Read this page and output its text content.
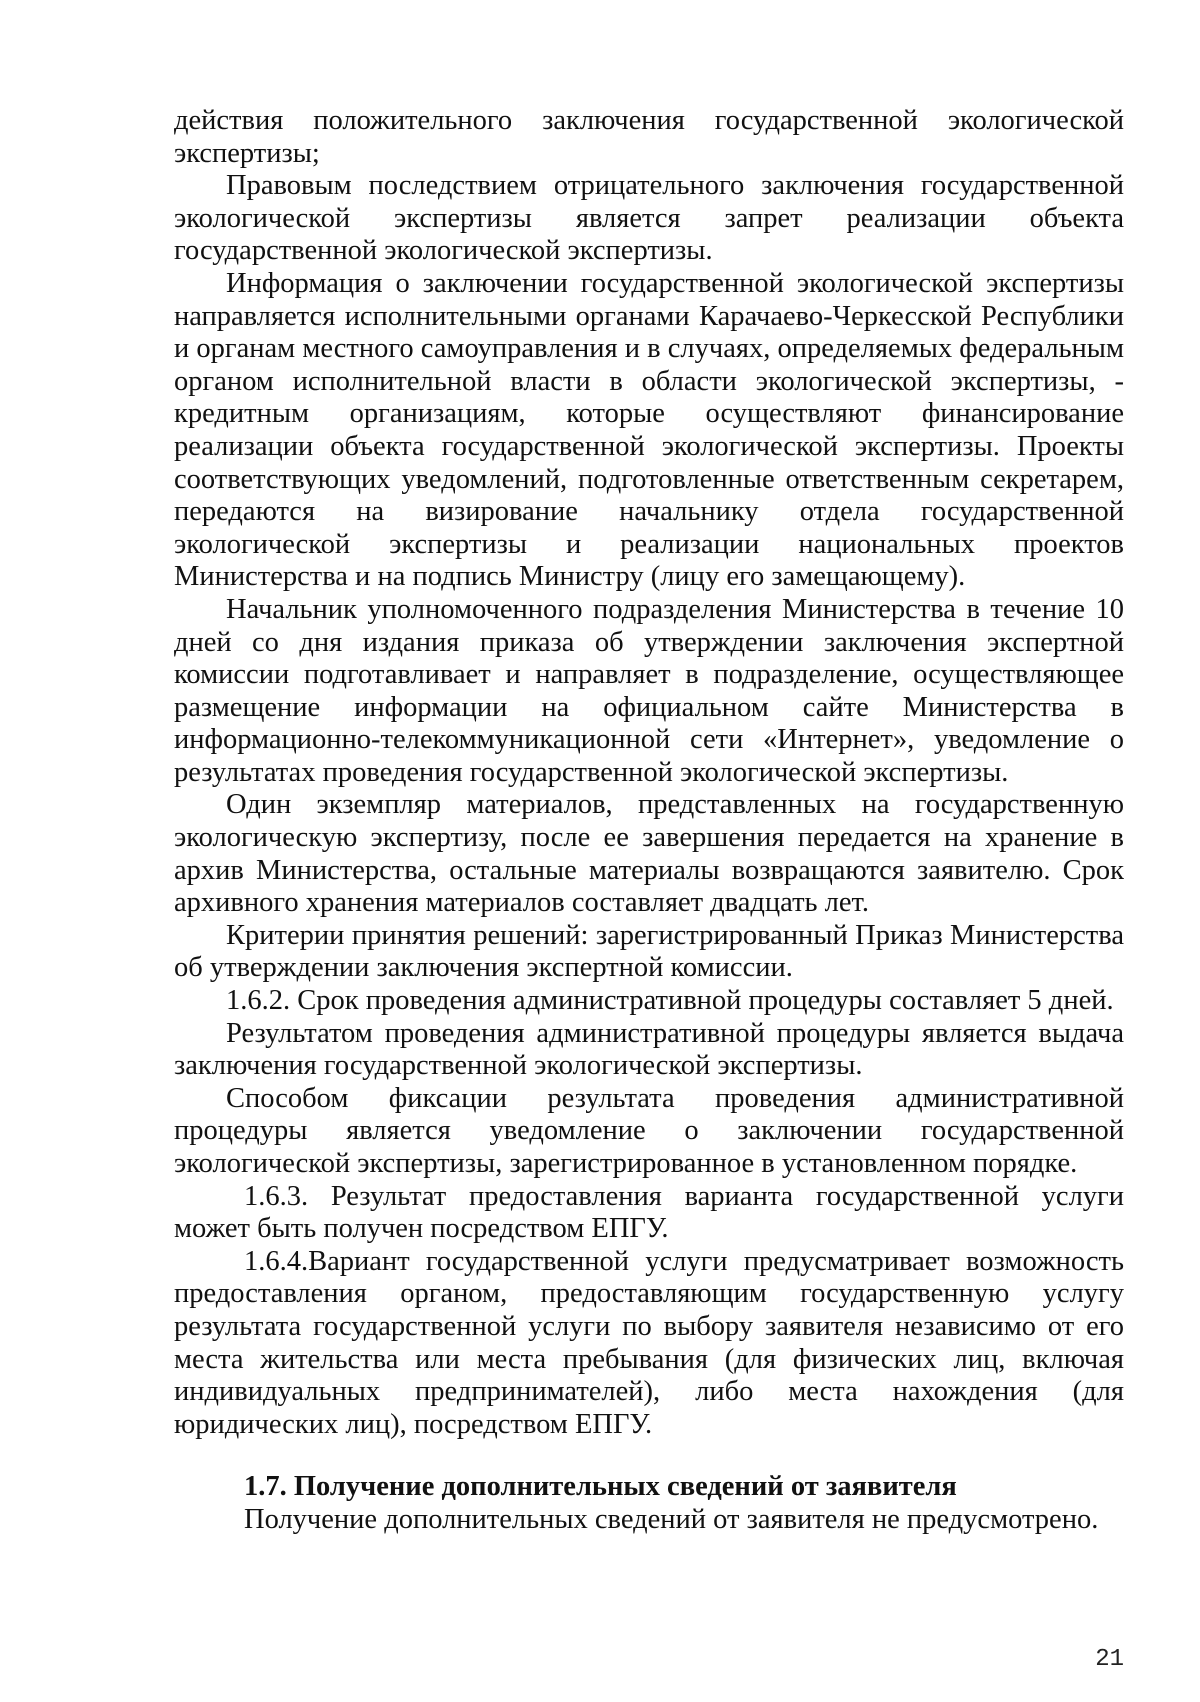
действия положительного заключения государственной экологической экспертизы;

Правовым последствием отрицательного заключения государственной экологической экспертизы является запрет реализации объекта государственной экологической экспертизы.

Информация о заключении государственной экологической экспертизы направляется исполнительными органами Карачаево-Черкесской Республики и органам местного самоуправления и в случаях, определяемых федеральным органом исполнительной власти в области экологической экспертизы, - кредитным организациям, которые осуществляют финансирование реализации объекта государственной экологической экспертизы. Проекты соответствующих уведомлений, подготовленные ответственным секретарем, передаются на визирование начальнику отдела государственной экологической экспертизы и реализации национальных проектов Министерства и на подпись Министру (лицу его замещающему).

Начальник уполномоченного подразделения Министерства в течение 10 дней со дня издания приказа об утверждении заключения экспертной комиссии подготавливает и направляет в подразделение, осуществляющее размещение информации на официальном сайте Министерства в информационно-телекоммуникационной сети «Интернет», уведомление о результатах проведения государственной экологической экспертизы.

Один экземпляр материалов, представленных на государственную экологическую экспертизу, после ее завершения передается на хранение в архив Министерства, остальные материалы возвращаются заявителю. Срок архивного хранения материалов составляет двадцать лет.

Критерии принятия решений: зарегистрированный Приказ Министерства об утверждении заключения экспертной комиссии.

1.6.2. Срок проведения административной процедуры составляет 5 дней.

Результатом проведения административной процедуры является выдача заключения государственной экологической экспертизы.

Способом фиксации результата проведения административной процедуры является уведомление о заключении государственной экологической экспертизы, зарегистрированное в установленном порядке.

1.6.3. Результат предоставления варианта государственной услуги может быть получен посредством ЕПГУ.

1.6.4.Вариант государственной услуги предусматривает возможность предоставления органом, предоставляющим государственную услугу результата государственной услуги по выбору заявителя независимо от его места жительства или места пребывания (для физических лиц, включая индивидуальных предпринимателей), либо места нахождения (для юридических лиц), посредством ЕПГУ.

1.7. Получение дополнительных сведений от заявителя

Получение дополнительных сведений от заявителя не предусмотрено.

21
